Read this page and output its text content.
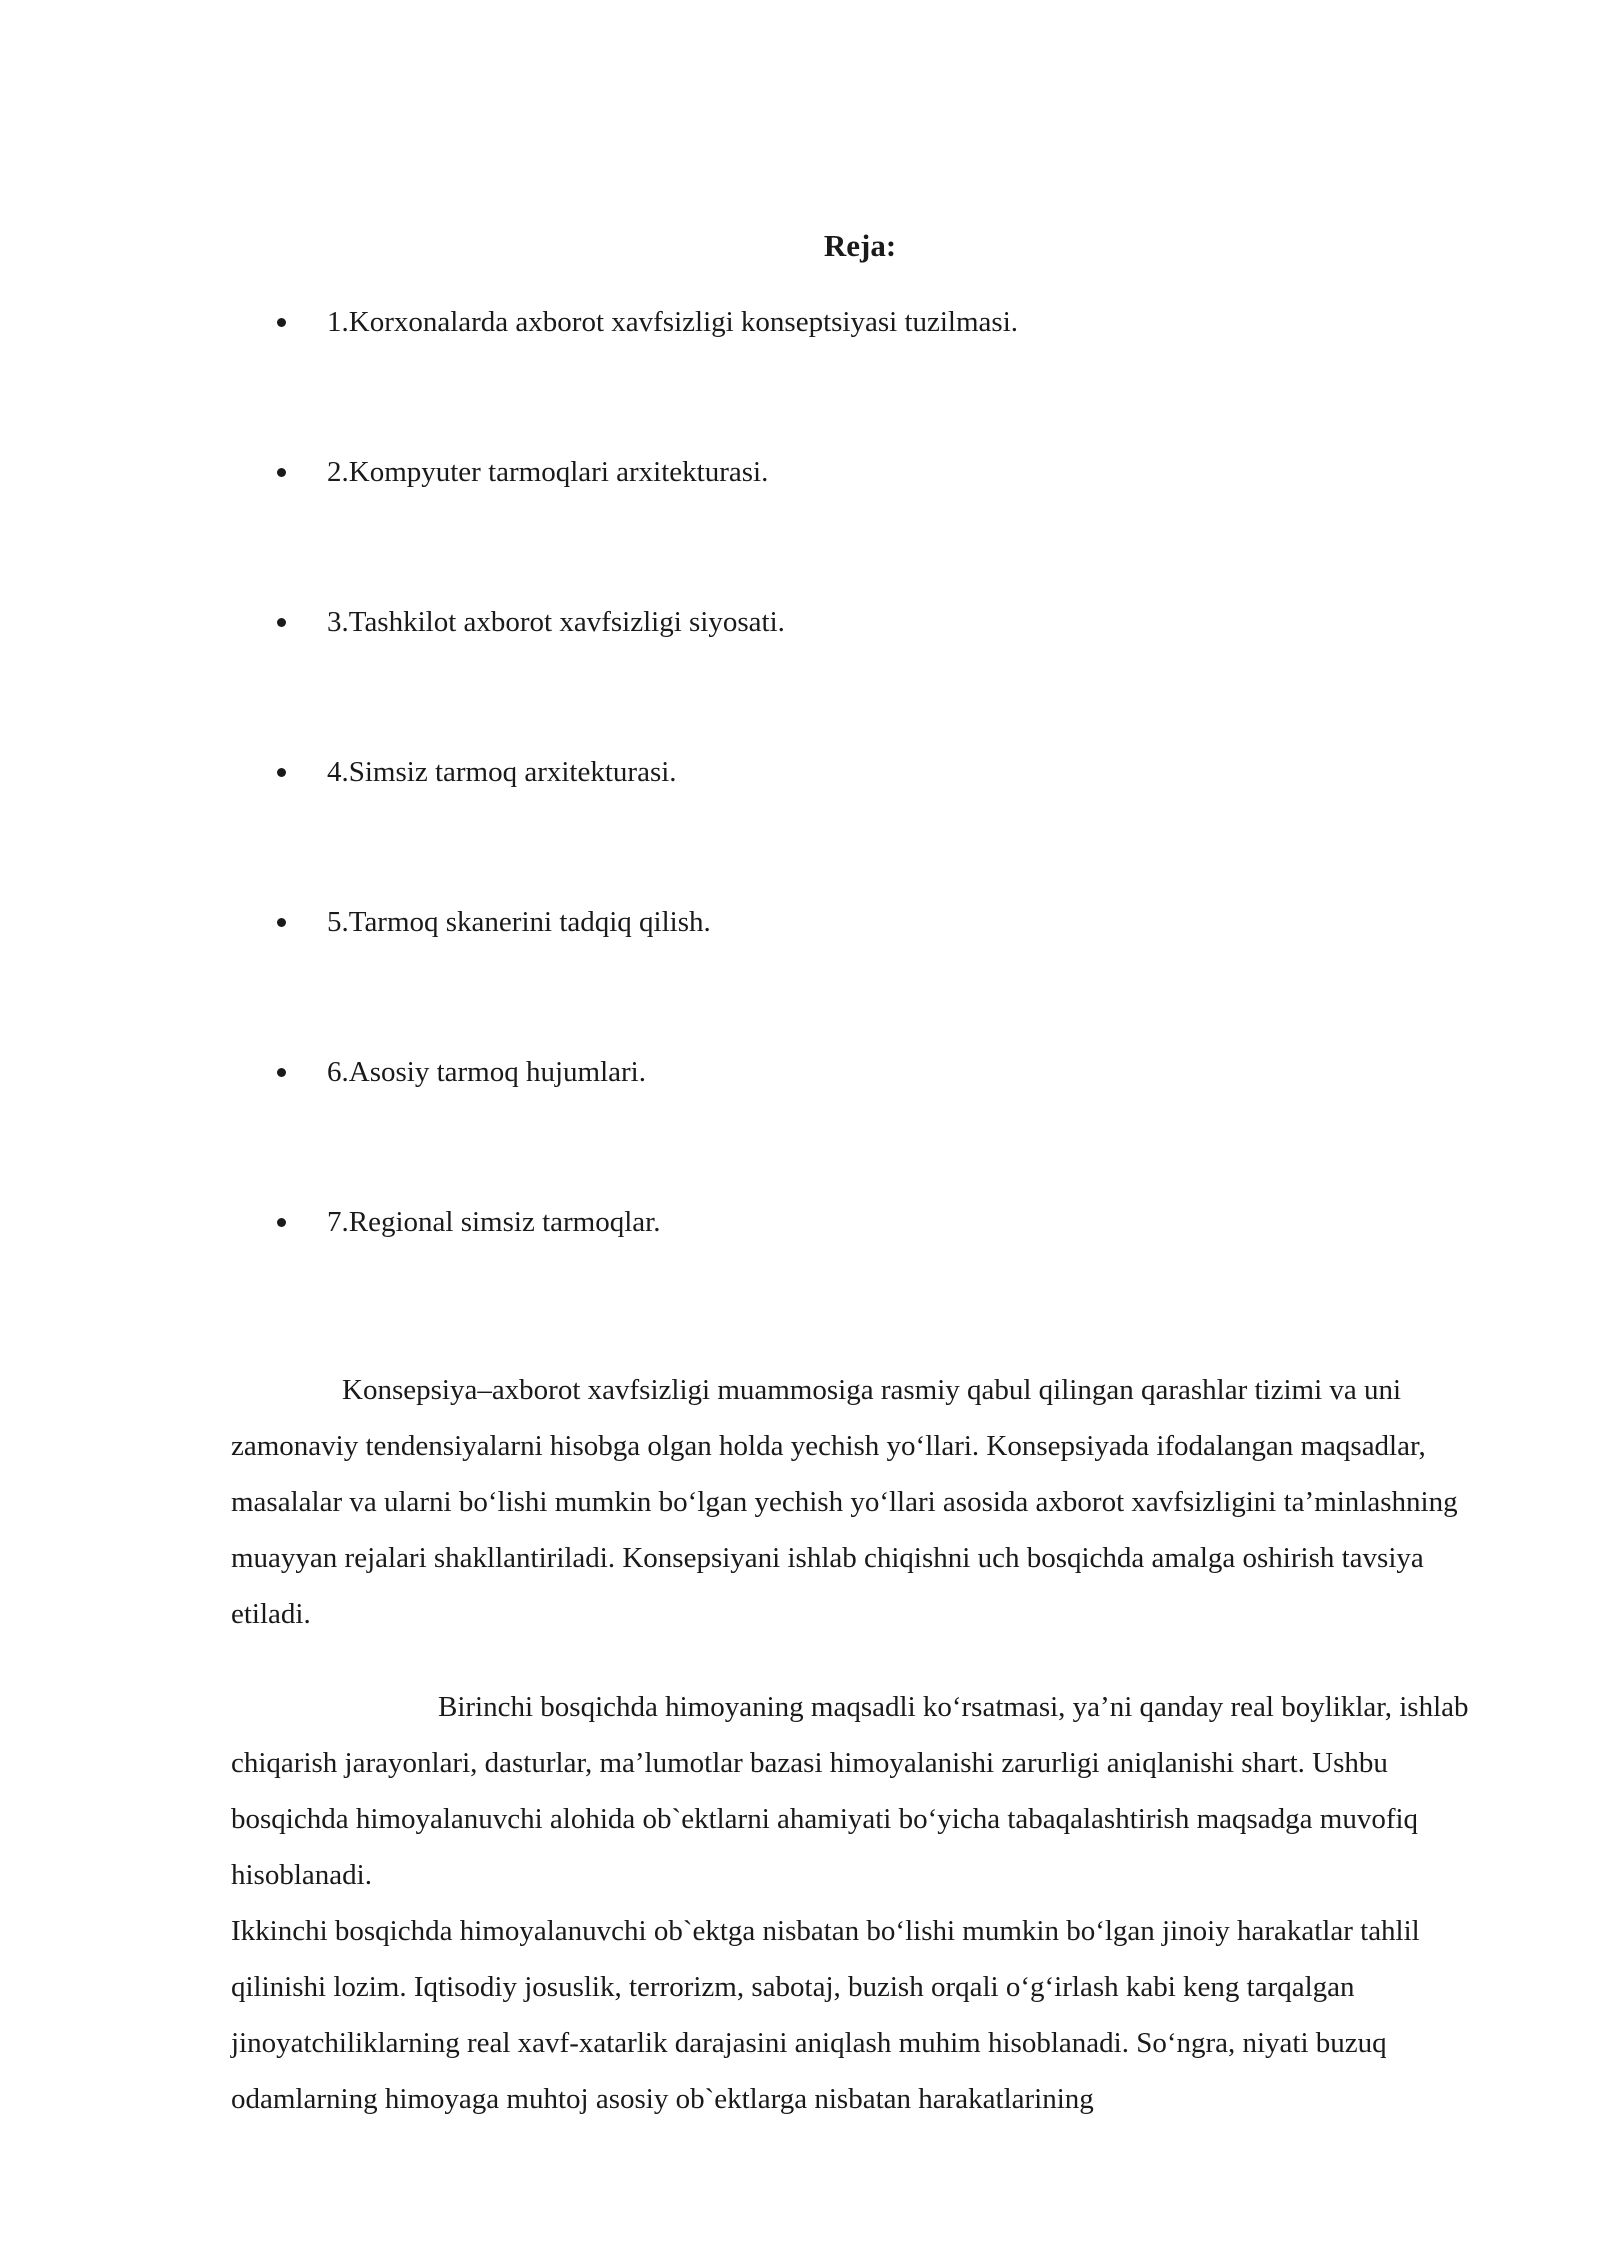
Reja:
1.Korxonalarda axborot xavfsizligi konseptsiyasi tuzilmasi.
2.Kompyuter tarmoqlari arxitekturasi.
3.Tashkilot axborot xavfsizligi siyosati.
4.Simsiz tarmoq arxitekturasi.
5.Tarmoq skanerini tadqiq qilish.
6.Asosiy tarmoq hujumlari.
7.Regional simsiz tarmoqlar.

Konsepsiya–axborot xavfsizligi muammosiga rasmiy qabul qilingan qarashlar tizimi va uni zamonaviy tendensiyalarni hisobga olgan holda yechish yo‘llari. Konsepsiyada ifodalangan maqsadlar, masalalar va ularni bo‘lishi mumkin bo‘lgan yechish yo‘llari asosida axborot xavfsizligini ta’minlashning muayyan rejalari shakllantiriladi. Konsepsiyani ishlab chiqishni uch bosqichda amalga oshirish tavsiya etiladi.

Birinchi bosqichda himoyaning maqsadli ko‘rsatmasi, ya’ni qanday real boyliklar, ishlab chiqarish jarayonlari, dasturlar, ma’lumotlar bazasi himoyalanishi zarurligi aniqlanishi shart. Ushbu bosqichda himoyalanuvchi alohida ob`ektlarni ahamiyati bo‘yicha tabaqalashtirish maqsadga muvofiq hisoblanadi.

Ikkinchi bosqichda himoyalanuvchi ob`ektga nisbatan bo‘lishi mumkin bo‘lgan jinoiy harakatlar tahlil qilinishi lozim. Iqtisodiy josuslik, terrorizm, sabotaj, buzish orqali o‘g‘irlash kabi keng tarqalgan jinoyatchiliklarning real xavf-xatarlik darajasini aniqlash muhim hisoblanadi. So‘ngra, niyati buzuq odamlarning himoyaga muhtoj asosiy ob`ektlarga nisbatan harakatlarining
